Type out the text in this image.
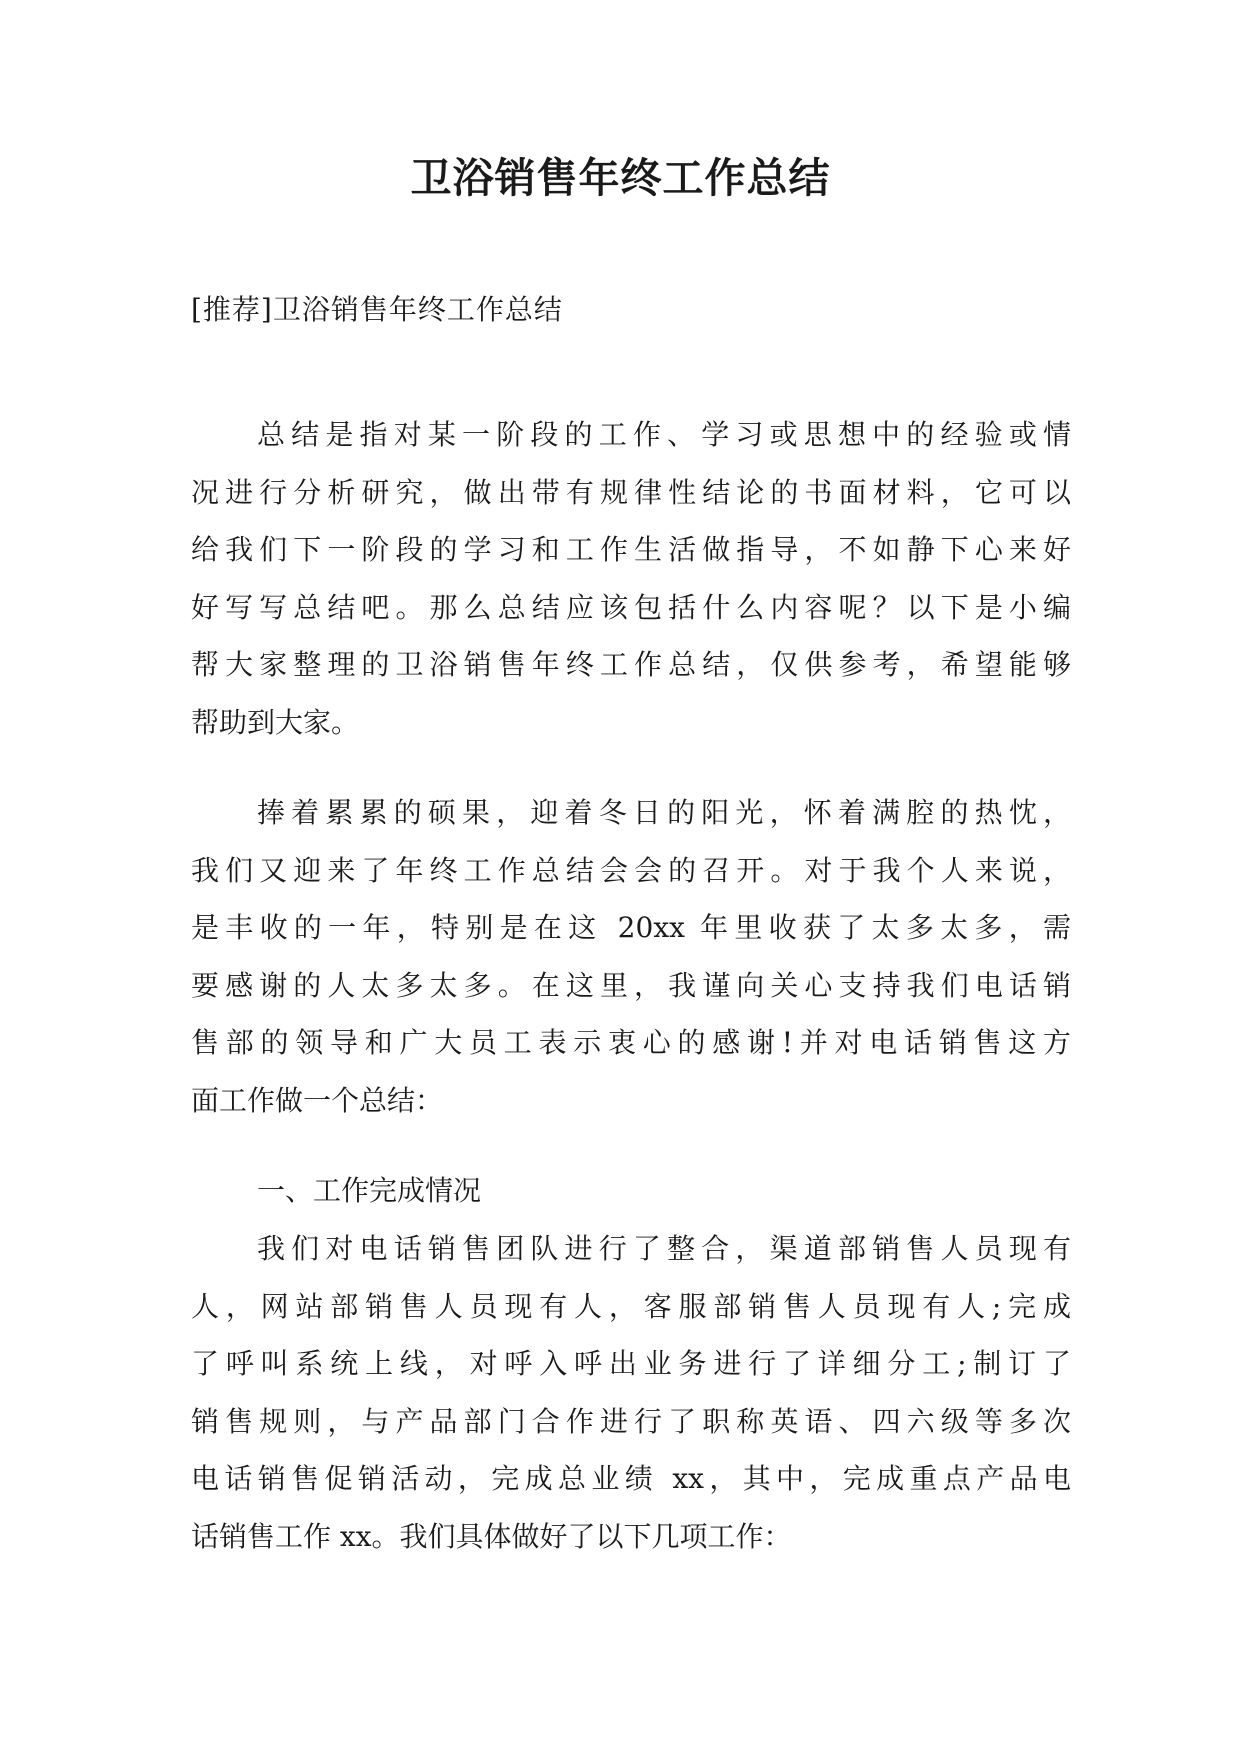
卫浴销售年终工作总结

[推荐]卫浴销售年终工作总结

总结是指对某一阶段的工作、学习或思想中的经验或情
况进行分析研究，做出带有规律性结论的书面材料，它可以
给我们下一阶段的学习和工作生活做指导，不如静下心来好
好写写总结吧。那么总结应该包括什么内容呢？以下是小编
帮大家整理的卫浴销售年终工作总结，仅供参考，希望能够
帮助到大家。
捧着累累的硕果，迎着冬日的阳光，怀着满腔的热忱，
我们又迎来了年终工作总结会会的召开。对于我个人来说，
是丰收的一年，特别是在这 20xx 年里收获了太多太多，需
要感谢的人太多太多。在这里，我谨向关心支持我们电话销
售部的领导和广大员工表示衷心的感谢!并对电话销售这方
面工作做一个总结：

一、工作完成情况

我们对电话销售团队进行了整合，渠道部销售人员现有
人，网站部销售人员现有人，客服部销售人员现有人;完成
了呼叫系统上线，对呼入呼出业务进行了详细分工;制订了
销售规则，与产品部门合作进行了职称英语、四六级等多次
电话销售促销活动，完成总业绩 xx，其中，完成重点产品电
话销售工作 xx。我们具体做好了以下几项工作：
